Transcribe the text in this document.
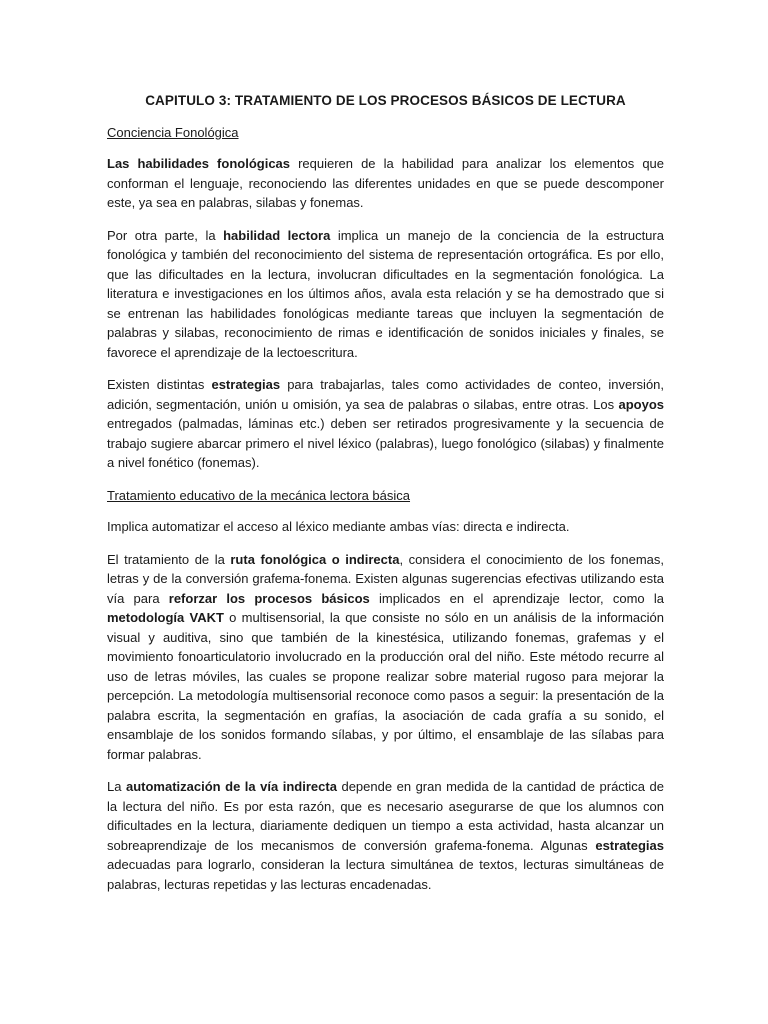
CAPITULO 3: TRATAMIENTO DE LOS PROCESOS BÁSICOS DE LECTURA
Conciencia Fonológica

Las habilidades fonológicas requieren de la habilidad para analizar los elementos que conforman el lenguaje, reconociendo las diferentes unidades en que se puede descomponer este, ya sea en palabras, silabas y fonemas.

Por otra parte, la habilidad lectora implica un manejo de la conciencia de la estructura fonológica y también del reconocimiento del sistema de representación ortográfica. Es por ello, que las dificultades en la lectura, involucran dificultades en la segmentación fonológica. La literatura e investigaciones en los últimos años, avala esta relación y se ha demostrado que si se entrenan las habilidades fonológicas mediante tareas que incluyen la segmentación de palabras y silabas, reconocimiento de rimas e identificación de sonidos iniciales y finales, se favorece el aprendizaje de la lectoescritura.

Existen distintas estrategias para trabajarlas, tales como actividades de conteo, inversión, adición, segmentación, unión u omisión, ya sea de palabras o silabas, entre otras. Los apoyos entregados (palmadas, láminas etc.) deben ser retirados progresivamente y la secuencia de trabajo sugiere abarcar primero el nivel léxico (palabras), luego fonológico (silabas) y finalmente a nivel fonético (fonemas).

Tratamiento educativo de la mecánica lectora básica

Implica automatizar el acceso al léxico mediante ambas vías: directa e indirecta.

El tratamiento de la ruta fonológica o indirecta, considera el conocimiento de los fonemas, letras y de la conversión grafema-fonema. Existen algunas sugerencias efectivas utilizando esta vía para reforzar los procesos básicos implicados en el aprendizaje lector, como la metodología VAKT o multisensorial, la que consiste no sólo en un análisis de la información visual y auditiva, sino que también de la kinestésica, utilizando fonemas, grafemas y el movimiento fonoarticulatorio involucrado en la producción oral del niño. Este método recurre al uso de letras móviles, las cuales se propone realizar sobre material rugoso para mejorar la percepción. La metodología multisensorial reconoce como pasos a seguir: la presentación de la palabra escrita, la segmentación en grafías, la asociación de cada grafía a su sonido, el ensamblaje de los sonidos formando sílabas, y por último, el ensamblaje de las sílabas para formar palabras.

La automatización de la vía indirecta depende en gran medida de la cantidad de práctica de la lectura del niño. Es por esta razón, que es necesario asegurarse de que los alumnos con dificultades en la lectura, diariamente dediquen un tiempo a esta actividad, hasta alcanzar un sobreaprendizaje de los mecanismos de conversión grafema-fonema. Algunas estrategias adecuadas para lograrlo, consideran la lectura simultánea de textos, lecturas simultáneas de palabras, lecturas repetidas y las lecturas encadenadas.
